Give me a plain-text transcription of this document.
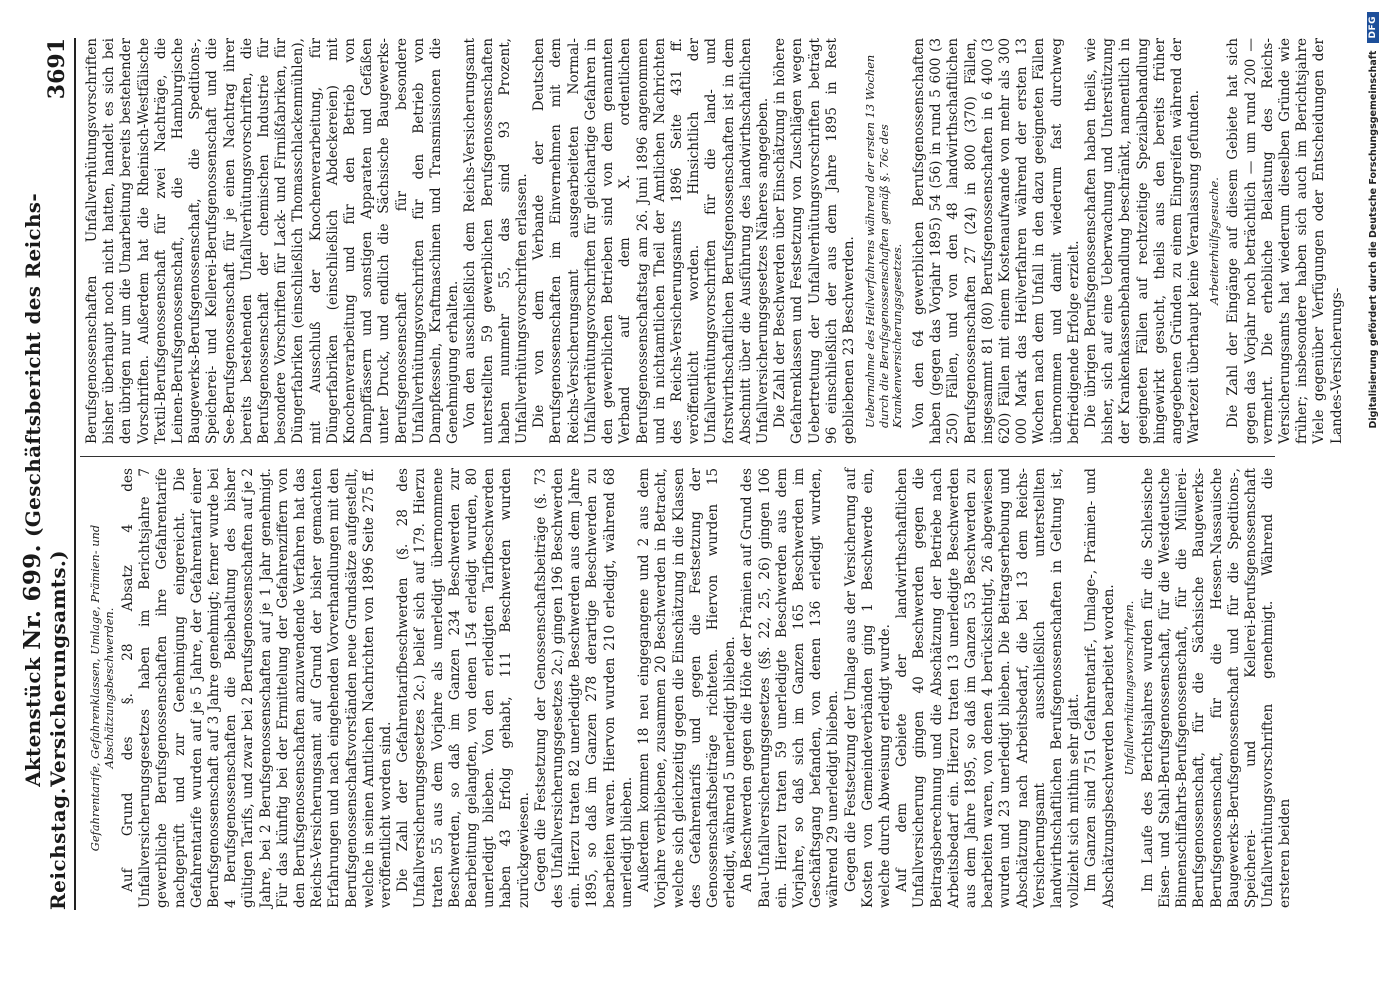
Reichstag.
Aktenstück Nr. 699. (Geschäftsbericht des Reichs-Versicherungsamts.)
3691
Gefahrentarife, Gefahrenklassen, Umlage, Prämien- und Abschätzungsbeschwerden. Auf Grund des §. 28 Absatz 4 des Unfallversicherungsgesetzes haben im Berichtsjahre 7 gewerbliche Berufsgenossenschaften ihre Gefahrentarife nachgeprüft und zur Genehmigung eingereicht. Die Gefahrentarife wurden auf je 5 Jahre, der Gefahrentarif einer Berufsgenossenschaft auf 3 Jahre genehmigt; ferner wurde bei 4 Berufsgenossenschaften die Beibehaltung des bisher gültigen Tarifs, und zwar bei 2 Berufsgenossenschaften auf je 2 Jahre, bei 2 Berufsgenossenschaften auf je 1 Jahr genehmigt. Für das künftig bei der Ermittelung der Gefahrenziffern von den Berufsgenossenschaften anzuwendende Verfahren hat das Reichs-Versicherungsamt auf Grund der bisher gemachten Erfahrungen und nach eingehenden Vorverhandlungen mit den Berufsgenossenschaftsvorständen neue Grundsätze aufgestellt, welche in seinen Amtlichen Nachrichten von 1896 Seite 275 ff. veröffentlicht worden sind. Die Zahl der Gefahrentarifbeschwerden (§. 28 des Unfallversicherungsgesetzes 2c.) belief sich auf 179. Hierzu traten 55 aus dem Vorjahre als unerledigt übernommene Beschwerden, so daß im Ganzen 234 Beschwerden zur Bearbeitung gelangten, von denen 154 erledigt wurden, 80 unerledigt blieben. Von den erledigten Tarifbeschwerden haben 43 Erfolg gehabt, 111 Beschwerden wurden zurückgewiesen. Gegen die Festsetzung der Genossenschaftsbeiträge (§. 73 des Unfallversicherungsgesetzes 2c.) gingen 196 Beschwerden ein. Hierzu traten 82 unerledigte Beschwerden aus dem Jahre 1895, so daß im Ganzen 278 derartige Beschwerden zu bearbeiten waren. Hiervon wurden 210 erledigt, während 68 unerledigt blieben. Außerdem kommen 18 neu eingegangene und 2 aus dem Vorjahre verbliebene, zusammen 20 Beschwerden in Betracht, welche sich gleichzeitig gegen die Einschätzung in die Klassen des Gefahrentarifs und gegen die Festsetzung der Genossenschaftsbeiträge richteten. Hiervon wurden 15 erledigt, während 5 unerledigt blieben. An Beschwerden gegen die Höhe der Prämien auf Grund des Bau-Unfallversicherungsgesetzes (§§. 22, 25, 26) gingen 106 ein. Hierzu traten 59 unerledigte Beschwerden aus dem Vorjahre, so daß sich im Ganzen 165 Beschwerden im Geschäftsgang befanden, von denen 136 erledigt wurden, während 29 unerledigt blieben. Gegen die Festsetzung der Umlage aus der Versicherung auf Kosten von Gemeindeverbänden ging 1 Beschwerde ein, welche durch Abweisung erledigt wurde. Auf dem Gebiete der landwirthschaftlichen Unfallversicherung gingen 40 Beschwerden gegen die Beitragsberechnung und die Abschätzung der Betriebe nach Arbeitsbedarf ein. Hierzu traten 13 unerledigte Beschwerden aus dem Jahre 1895, so daß im Ganzen 53 Beschwerden zu bearbeiten waren, von denen 4 berücksichtigt, 26 abgewiesen wurden und 23 unerledigt blieben. Die Beitragserhebung und Abschätzung nach Arbeitsbedarf, die bei 13 dem Reichs-Versicherungsamt ausschließlich unterstellten landwirthschaftlichen Berufsgenossenschaften in Geltung ist, vollzieht sich mithin sehr glatt. Im Ganzen sind 751 Gefahrentarif-, Umlage-, Prämien- und Abschätzungsbeschwerden bearbeitet worden. Unfallverhütungsvorschriften. Im Laufe des Berichtsjahres wurden für die Schlesische Eisen- und Stahl-Berufsgenossenschaft, für die Westdeutsche Binnenschiffahrts-Berufsgenossenschaft, für die Müllerei-Berufsgenossenschaft, für die Sächsische Baugewerks-Berufsgenossenschaft, für die Hessen-Nassauische Baugewerks-Berufsgenossenschaft und für die Speditions-, Speicherei- und Kellerei-Berufsgenossenschaft Unfallverhütungsvorschriften genehmigt. Während die ersteren beiden

Berufsgenossenschaften Unfallverhütungsvorschriften bisher überhaupt noch nicht hatten, handelt es sich bei den übrigen nur um die Umarbeitung bereits bestehender Vorschriften. Außerdem hat die Rheinisch-Westfälische Textil-Berufsgenossenschaft für zwei Nachträge, die Leinen-Berufsgenossenschaft, die Hamburgische Baugewerks-Berufsgenossenschaft, die Speditions-, Speicherei- und Kellerei-Berufsgenossenschaft und die See-Berufsgenossenschaft für je einen Nachtrag ihrer bereits bestehenden Unfallverhütungsvorschriften, die Berufsgenossenschaft der chemischen Industrie für besondere Vorschriften für Lack- und Firnißfabriken, für Düngerfabriken (einschließlich Thomasschlackenmühlen), mit Ausschluß der Knochenverarbeitung, für Düngerfabriken (einschließlich Abdeckereien) mit Knochenverarbeitung und für den Betrieb von Dampffässern und sonstigen Apparaten und Gefäßen unter Druck, und endlich die Sächsische Baugewerks-Berufsgenossenschaft für besondere Unfallverhütungsvorschriften für den Betrieb von Dampfkesseln, Kraftmaschinen und Transmissionen die Genehmigung erhalten. Von den ausschließlich dem Reichs-Versicherungsamt unterstellten 59 gewerblichen Berufsgenossenschaften haben nunmehr 55, das sind 93 Prozent, Unfallverhütungsvorschriften erlassen. Die von dem Verbande der Deutschen Berufsgenossenschaften im Einvernehmen mit dem Reichs-Versicherungsamt ausgearbeiteten Normal-Unfallverhütungsvorschriften für gleichartige Gefahren in den gewerblichen Betrieben sind von dem genannten Verband auf dem X. ordentlichen Berufsgenossenschaftstag am 26. Juni 1896 angenommen und in nichtamtlichen Theil der Amtlichen Nachrichten des Reichs-Versicherungsamts 1896 Seite 431 ff. veröffentlicht worden. Hinsichtlich der Unfallverhütungsvorschriften für die land- und forstwirthschaftlichen Berufsgenossenschaften ist in dem Abschnitt über die Ausführung des landwirthschaftlichen Unfallversicherungsgesetzes Näheres angegeben. Die Zahl der Beschwerden über Einschätzung in höhere Gefahrenklassen und Festsetzung von Zuschlägen wegen Uebertretung der Unfallverhütungsvorschriften beträgt 96 einschließlich der aus dem Jahre 1895 in Rest gebliebenen 23 Beschwerden. Uebernahme des Heilverfahrens während der ersten 13 Wochen durch die Berufsgenossenschaften gemäß §. 76c des Krankenversicherungsgesetzes. Von den 64 gewerblichen Berufsgenossenschaften haben (gegen das Vorjahr 1895) 54 (56) in rund 5 600 (3 250) Fällen, und von den 48 landwirthschaftlichen Berufsgenossenschaften 27 (24) in 800 (370) Fällen, insgesammt 81 (80) Berufsgenossenschaften in 6 400 (3 620) Fällen mit einem Kostenaufwande von mehr als 300 000 Mark das Heilverfahren während der ersten 13 Wochen nach dem Unfall in den dazu geeigneten Fällen übernommen und damit wiederum fast durchweg befriedigende Erfolge erzielt. Die übrigen Berufsgenossenschaften haben theils, wie bisher, sich auf eine Ueberwachung und Unterstützung der Krankenkassenbehandlung beschränkt, namentlich in geeigneten Fällen auf rechtzeitige Spezialbehandlung hingewirkt gesucht, theils aus den bereits früher angegebenen Gründen zu einem Eingreifen während der Wartezeit überhaupt keine Veranlassung gefunden. Arbeiterhülfsgesuche. Die Zahl der Eingänge auf diesem Gebiete hat sich gegen das Vorjahr noch beträchtlich — um rund 200 — vermehrt. Die erhebliche Belastung des Reichs-Versicherungsamts hat wiederum dieselben Gründe wie früher; insbesondere haben sich auch im Berichtsjahre Viele gegenüber Verfügungen oder Entscheidungen der Landes-Versicherungs- Digitalisierung gefördert durch die Deutsche Forschungsgemeinschaft
DFG
